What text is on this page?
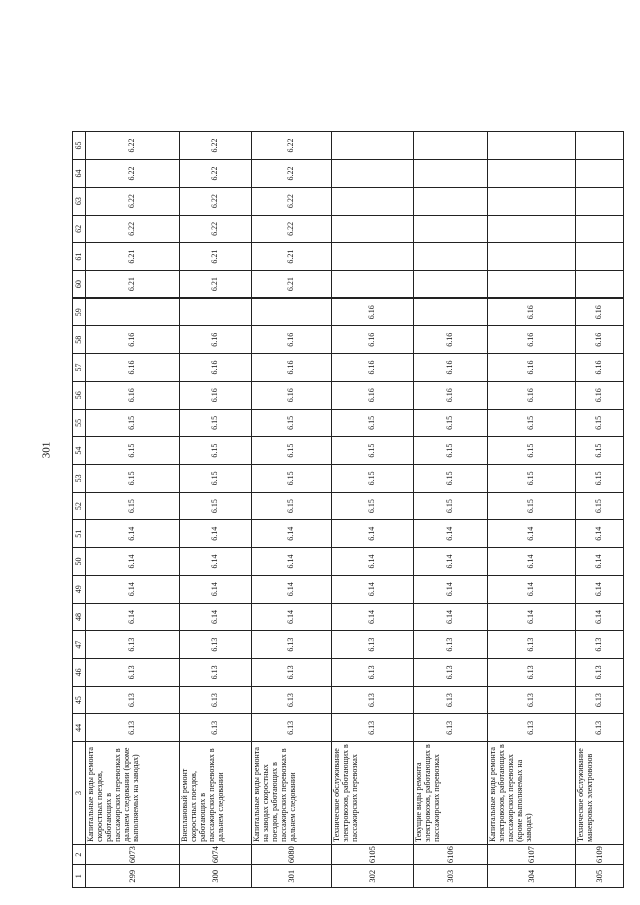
301
1	2	3	44	45	46	47	48	49	50	51	52	53	54	55	56	57	58	59	60	61	62	63	64	65
299	6073	Капитальные виды ремонта скоростных поездов, работающих в пассажирских перевозках в дальнем следовании (кроме выполняемых на заводах)	6.13	6.13	6.13	6.13	6.14	6.14	6.14	6.14	6.15	6.15	6.15	6.15	6.16	6.16	6.16		6.21	6.21	6.22	6.22	6.22	6.22
300	6074	Внеплановый ремонт скоростных поездов, работающих в пассажирских перевозках в дальнем следовании	6.13	6.13	6.13	6.13	6.14	6.14	6.14	6.14	6.15	6.15	6.15	6.15	6.16	6.16	6.16		6.21	6.21	6.22	6.22	6.22	6.22
301	6080	Капитальные виды ремонта на заводах скоростных поездов, работающих в пассажирских перевозках в дальнем следовании	6.13	6.13	6.13	6.13	6.14	6.14	6.14	6.14	6.15	6.15	6.15	6.15	6.16	6.16	6.16		6.21	6.21	6.22	6.22	6.22	6.22
302	6105	Техническое обслуживание электровозов, работающих в пассажирских перевозках	6.13	6.13	6.13	6.13	6.14	6.14	6.14	6.14	6.15	6.15	6.15	6.15	6.16	6.16	6.16	6.16						
303	6106	Текущие виды ремонта электровозов, работающих в пассажирских перевозках	6.13	6.13	6.13	6.13	6.14	6.14	6.14	6.14	6.15	6.15	6.15	6.15	6.16	6.16	6.16							
304	6107	Капитальные виды ремонта электровозов, работающих в пассажирских перевозках (кроме выполняемых на заводах)	6.13	6.13	6.13	6.13	6.14	6.14	6.14	6.14	6.15	6.15	6.15	6.15	6.16	6.16	6.16	6.16						
305	6109	Техническое обслуживание маневровых электровозов	6.13	6.13	6.13	6.13	6.14	6.14	6.14	6.14	6.15	6.15	6.15	6.15	6.16	6.16	6.16	6.16						
